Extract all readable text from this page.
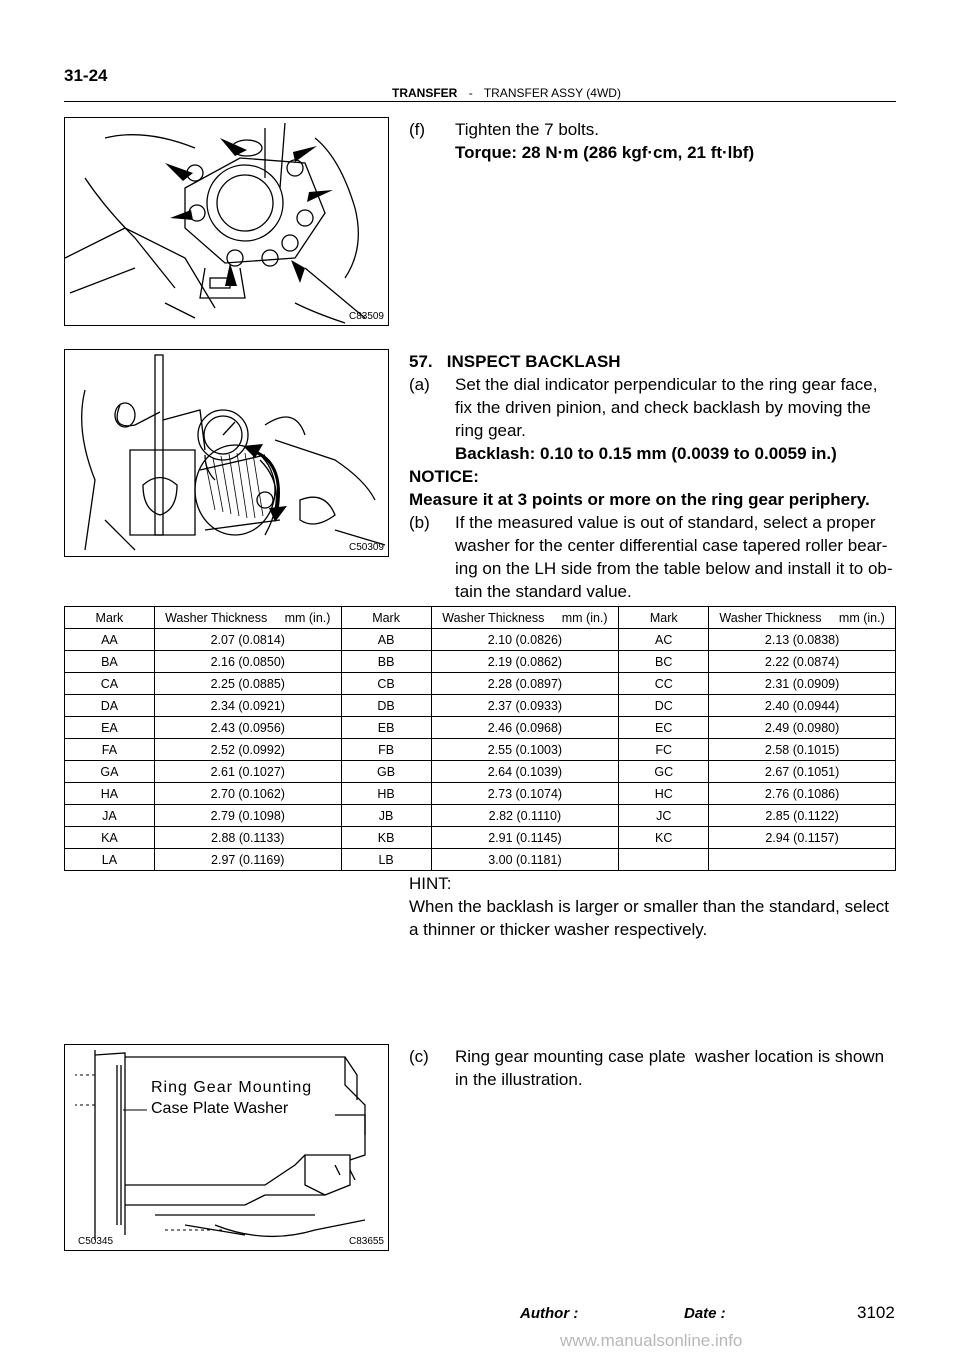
31-24
TRANSFER - TRANSFER ASSY (4WD)
C83509
(f) Tighten the 7 bolts.
Torque: 28 N·m (286 kgf·cm, 21 ft·lbf)
C50309
57.   INSPECT BACKLASH
(a) Set the dial indicator perpendicular to the ring gear face,
fix the driven pinion, and check backlash by moving the
ring gear.
Backlash: 0.10 to 0.15 mm (0.0039 to 0.0059 in.)
NOTICE:
Measure it at 3 points or more on the ring gear periphery.
(b) If the measured value is out of standard, select a proper
washer for the center differential case tapered roller bear-
ing on the LH side from the table below and install it to ob-
tain the standard value.
Mark	Washer Thickness     mm (in.)	Mark	Washer Thickness     mm (in.)	Mark	Washer Thickness     mm (in.)
AA	2.07 (0.0814)	AB	2.10 (0.0826)	AC	2.13 (0.0838)
BA	2.16 (0.0850)	BB	2.19 (0.0862)	BC	2.22 (0.0874)
CA	2.25 (0.0885)	CB	2.28 (0.0897)	CC	2.31 (0.0909)
DA	2.34 (0.0921)	DB	2.37 (0.0933)	DC	2.40 (0.0944)
EA	2.43 (0.0956)	EB	2.46 (0.0968)	EC	2.49 (0.0980)
FA	2.52 (0.0992)	FB	2.55 (0.1003)	FC	2.58 (0.1015)
GA	2.61 (0.1027)	GB	2.64 (0.1039)	GC	2.67 (0.1051)
HA	2.70 (0.1062)	HB	2.73 (0.1074)	HC	2.76 (0.1086)
JA	2.79 (0.1098)	JB	2.82 (0.1110)	JC	2.85 (0.1122)
KA	2.88 (0.1133)	KB	2.91 (0.1145)	KC	2.94 (0.1157)
LA	2.97 (0.1169)	LB	3.00 (0.1181)		
HINT:
When the backlash is larger or smaller than the standard, select
a thinner or thicker washer respectively.
Ring Gear Mounting
Case Plate Washer
C50345	C83655
(c) Ring gear mounting case plate  washer location is shown
in the illustration.
Author :	Date :	3102
www.manualsonline.info
